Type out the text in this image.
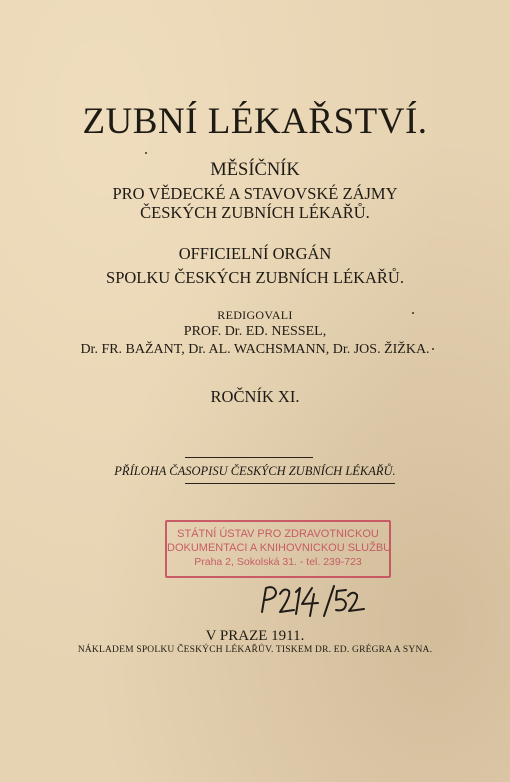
ZUBNÍ LÉKAŘSTVÍ.
MĚSÍČNÍK
PRO VĚDECKÉ A STAVOVSKÉ ZÁJMY
ČESKÝCH ZUBNÍCH LÉKAŘŮ.
OFFICIELNÍ ORGÁN
SPOLKU ČESKÝCH ZUBNÍCH LÉKAŘŮ.
REDIGOVALI
PROF. Dr. ED. NESSEL,
Dr. FR. BAŽANT, Dr. AL. WACHSMANN, Dr. JOS. ŽIŽKA.
ROČNÍK XI.
PŘÍLOHA ČASOPISU ČESKÝCH ZUBNÍCH LÉKAŘŮ.
STÁTNÍ ÚSTAV PRO ZDRAVOTNICKOU
DOKUMENTACI A KNIHOVNICKOU SLUŽBU
Praha 2, Sokolská 31. - tel. 239-723
V PRAZE 1911.
NÁKLADEM SPOLKU ČESKÝCH LÉKAŘŮV. TISKEM DR. ED. GRÉGRA A SYNA.
